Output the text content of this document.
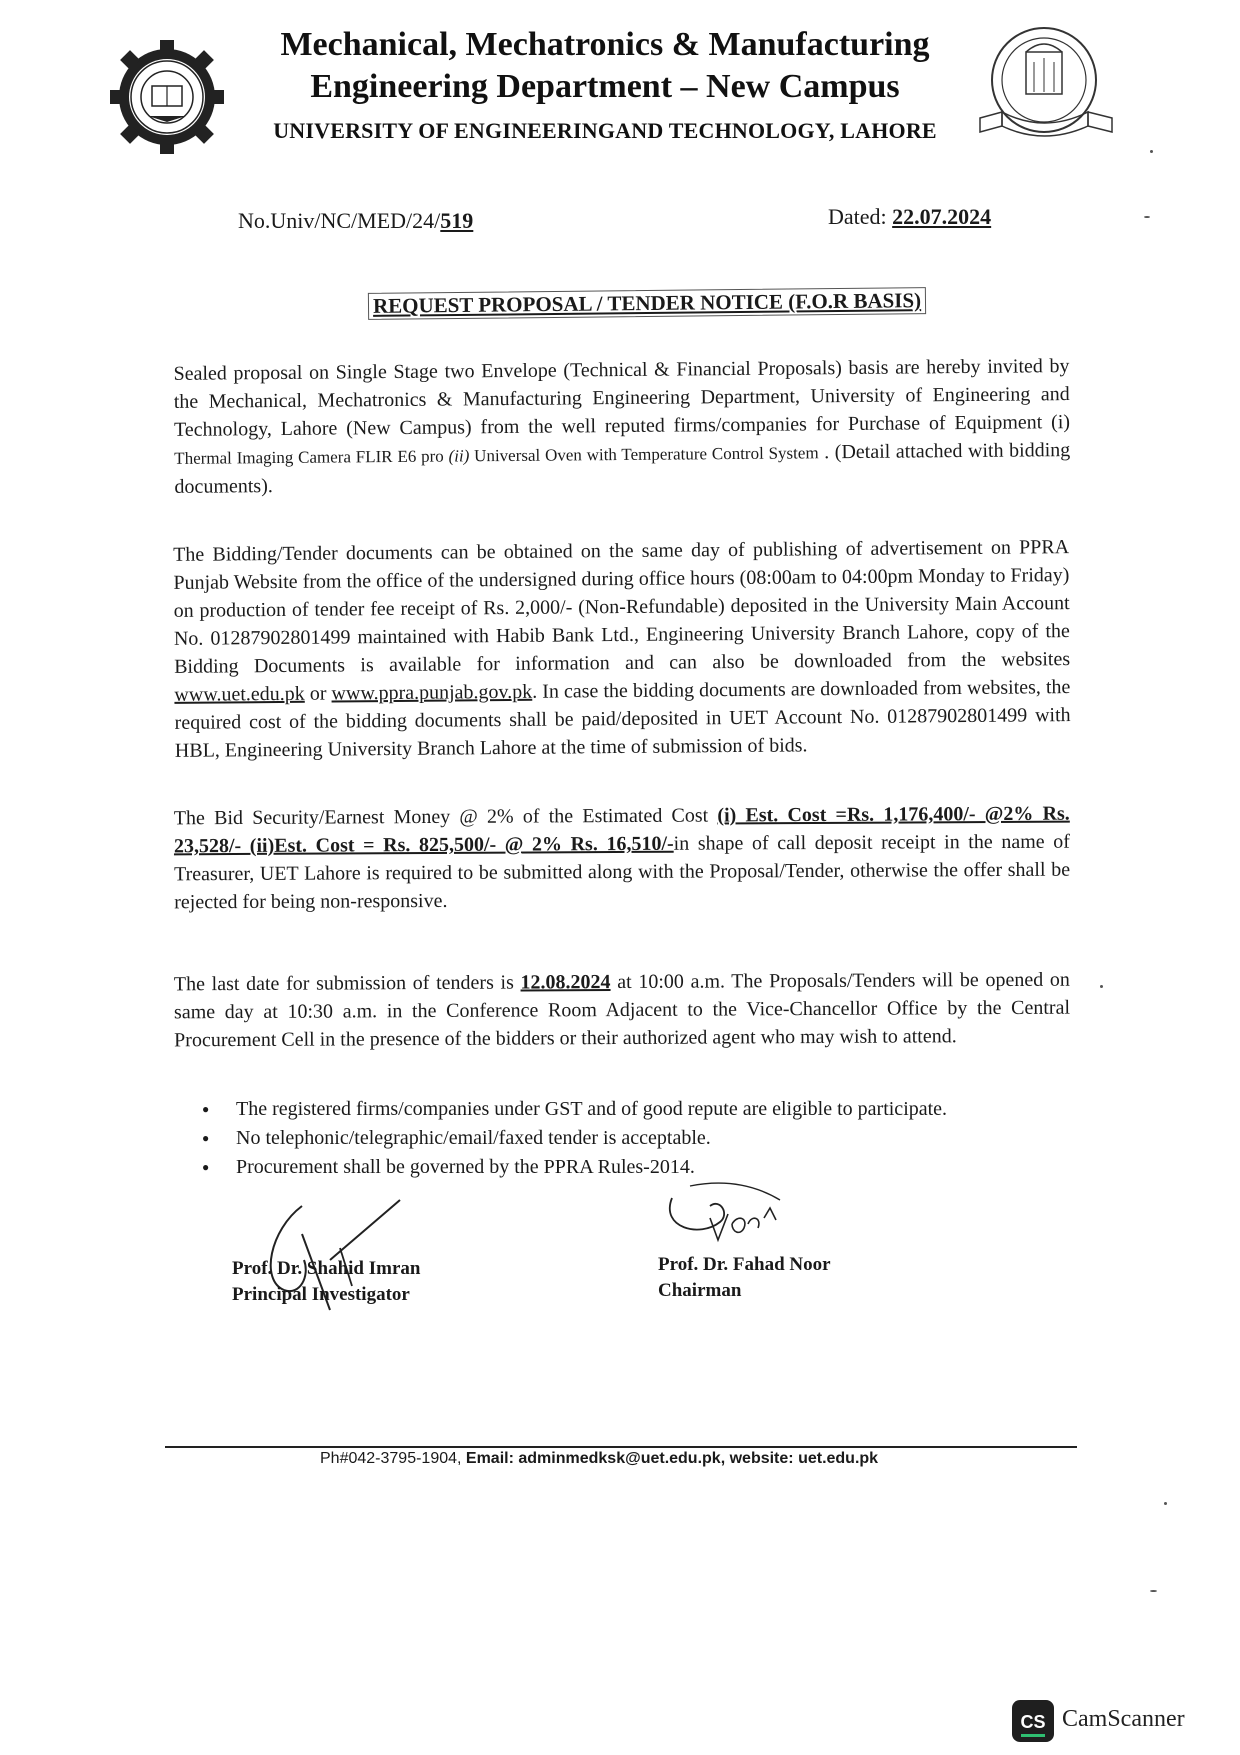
Mechanical, Mechatronics & Manufacturing
Engineering Department – New Campus
UNIVERSITY OF ENGINEERINGAND TECHNOLOGY, LAHORE
No.Univ/NC/MED/24/519	Dated: 22.07.2024
REQUEST PROPOSAL / TENDER NOTICE (F.O.R BASIS)
Sealed proposal on Single Stage two Envelope (Technical & Financial Proposals) basis are hereby invited by the Mechanical, Mechatronics & Manufacturing Engineering Department, University of Engineering and Technology, Lahore (New Campus) from the well reputed firms/companies for Purchase of Equipment (i) Thermal Imaging Camera FLIR E6 pro (ii) Universal Oven with Temperature Control System . (Detail attached with bidding documents).
The Bidding/Tender documents can be obtained on the same day of publishing of advertisement on PPRA Punjab Website from the office of the undersigned during office hours (08:00am to 04:00pm Monday to Friday) on production of tender fee receipt of Rs. 2,000/- (Non-Refundable) deposited in the University Main Account No. 01287902801499 maintained with Habib Bank Ltd., Engineering University Branch Lahore, copy of the Bidding Documents is available for information and can also be downloaded from the websites www.uet.edu.pk or www.ppra.punjab.gov.pk. In case the bidding documents are downloaded from websites, the required cost of the bidding documents shall be paid/deposited in UET Account No. 01287902801499 with HBL, Engineering University Branch Lahore at the time of submission of bids.
The Bid Security/Earnest Money @ 2% of the Estimated Cost (i) Est. Cost =Rs. 1,176,400/- @2% Rs. 23,528/- (ii)Est. Cost = Rs. 825,500/- @ 2% Rs. 16,510/-in shape of call deposit receipt in the name of Treasurer, UET Lahore is required to be submitted along with the Proposal/Tender, otherwise the offer shall be rejected for being non-responsive.
The last date for submission of tenders is 12.08.2024 at 10:00 a.m. The Proposals/Tenders will be opened on same day at 10:30 a.m. in the Conference Room Adjacent to the Vice-Chancellor Office by the Central Procurement Cell in the presence of the bidders or their authorized agent who may wish to attend.
● The registered firms/companies under GST and of good repute are eligible to participate.
● No telephonic/telegraphic/email/faxed tender is acceptable.
● Procurement shall be governed by the PPRA Rules-2014.
Prof. Dr. Shahid Imran
Principal Investigator
Prof. Dr. Fahad Noor
Chairman
Ph#042-3795-1904, Email: adminmedksk@uet.edu.pk, website: uet.edu.pk
CS CamScanner
